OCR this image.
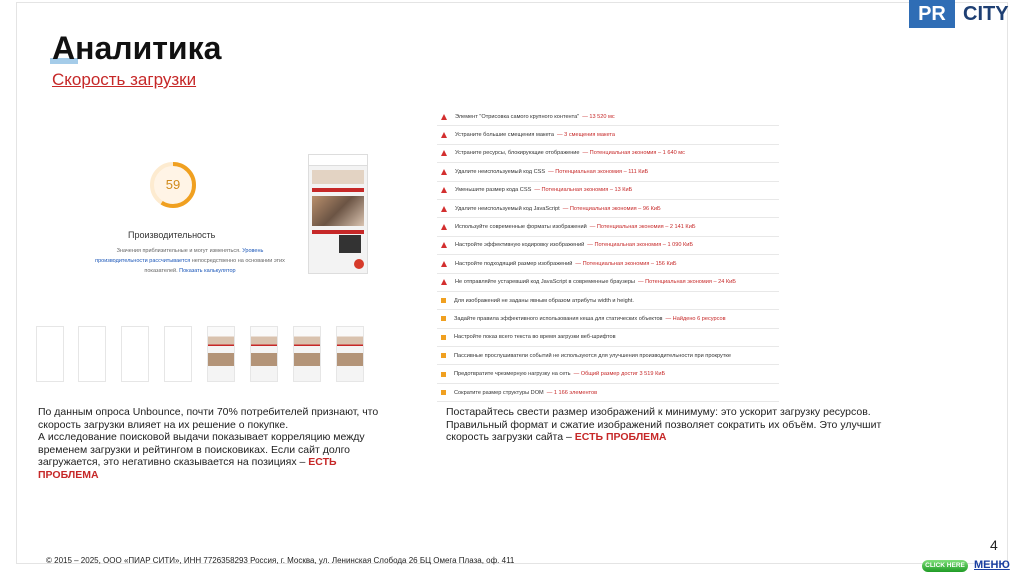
PR CITY
Аналитика
Скорость загрузки
59
Производительность
Значения приблизительные и могут изменяться. Уровень производительности рассчитывается непосредственно на основании этих показателей. Показать калькулятор
Элемент "Отрисовка самого крупного контента" — 13 520 мс
Устраните большие смещения макета — 3 смещения макета
Устраните ресурсы, блокирующие отображение — Потенциальная экономия – 1 640 мс
Удалите неиспользуемый код CSS — Потенциальная экономия – 111 КиБ
Уменьшите размер кода CSS — Потенциальная экономия – 13 КиБ
Удалите неиспользуемый код JavaScript — Потенциальная экономия – 96 КиБ
Используйте современные форматы изображений — Потенциальная экономия – 2 141 КиБ
Настройте эффективную кодировку изображений — Потенциальная экономия – 1 090 КиБ
Настройте подходящий размер изображений — Потенциальная экономия – 156 КиБ
Не отправляйте устаревший код JavaScript в современные браузеры — Потенциальная экономия – 24 КиБ
Для изображений не заданы явным образом атрибуты width и height.
Задайте правила эффективного использования кеша для статических объектов — Найдено 6 ресурсов
Настройте показ всего текста во время загрузки веб-шрифтов
Пассивные прослушиватели событий не используются для улучшения производительности при прокрутке
Предотвратите чрезмерную нагрузку на сеть — Общий размер достиг 3 519 КиБ
Сократите размер структуры DOM — 1 166 элементов
По данным опроса Unbounce, почти 70% потребителей признают, что скорость загрузки влияет на их решение о покупке.
А исследование поисковой выдачи показывает корреляцию между временем загрузки и рейтингом в поисковиках. Если сайт долго загружается, это негативно сказывается на позициях – ЕСТЬ ПРОБЛЕМА
Постарайтесь свести размер изображений к минимуму: это ускорит загрузку ресурсов. Правильный формат и сжатие изображений позволяет сократить их объём. Это улучшит скорость загрузки сайта – ЕСТЬ ПРОБЛЕМА
© 2015 – 2025, ООО «ПИАР СИТИ», ИНН 7726358293 Россия, г. Москва, ул. Ленинская Слобода 26 БЦ Омега Плаза, оф. 411
4
CLICK HERE МЕНЮ
